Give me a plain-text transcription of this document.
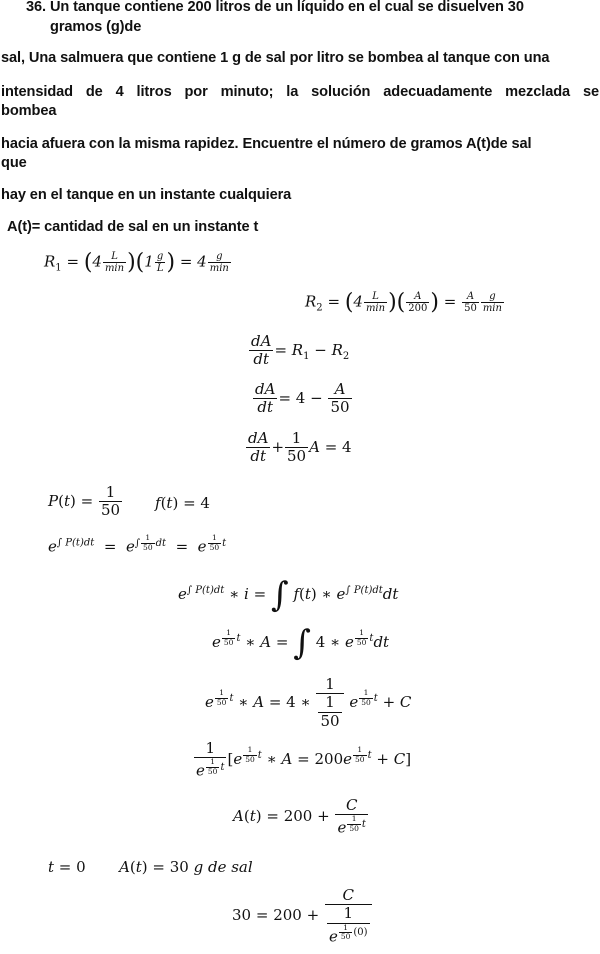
36. Un tanque contiene 200 litros de un líquido en el cual se disuelven 30
gramos (g)de
sal, Una salmuera que contiene 1 g de sal por litro se bombea al tanque con una
intensidad de 4 litros por minuto; la solución adecuadamente mezclada se
bombea
hacia afuera con la misma rapidez. Encuentre el número de gramos A(t)de sal
que
hay en el tanque en un instante cualquiera
A(t)= cantidad de sal en un instante t
$R_1 = (4 \frac{L}{\min} )(1 \frac{g}{L}$ ) = $4 \frac{g}{\min}$
$R_2 = (4 \frac{L}{\min}$ )( $\frac{A}{200}$ ) = $\frac{A}{50} \frac{g}{\min}$
$\frac{dA}{dt} = R_1 - R_2$
$\frac{dA}{dt} = 4 - \frac{A}{50}$
$\frac{dA}{dt} + \frac{1}{50}$ A = 4
$P(t) = \frac{1}{50} f(t) = 4$
$e^{\int P(t)dt} = e^{\int \frac{1}{50} dt} = e$ $^{\frac{1}{50} t}$
$e^{\int P(t)dt}$ ∗ i = ∫ f(t) ∗ $e^{\int P(t)dt}dt$
e $^{\frac{1}{50} t}$ ∗ A = ∫ 4 ∗ e $^{\frac{1}{50} t}$dt
e $^{\frac{1}{50} t}$ ∗ A = 4 ∗ $\frac{1}{\frac{1}{50}}$ e $^{\frac{1}{50} t}$ + C
1
e $^{\frac{1}{50} t}$ [e $^{\frac{1}{50} t}$ ∗ A = 200e $^{\frac{1}{50} t}$ + C]
A(t) = 200 + C
e $^{\frac{1}{50} t}$
t = 0       A(t) = 30 g de sal
30 = 200 + C
1
e $^{\frac{1}{50} (0)}$
